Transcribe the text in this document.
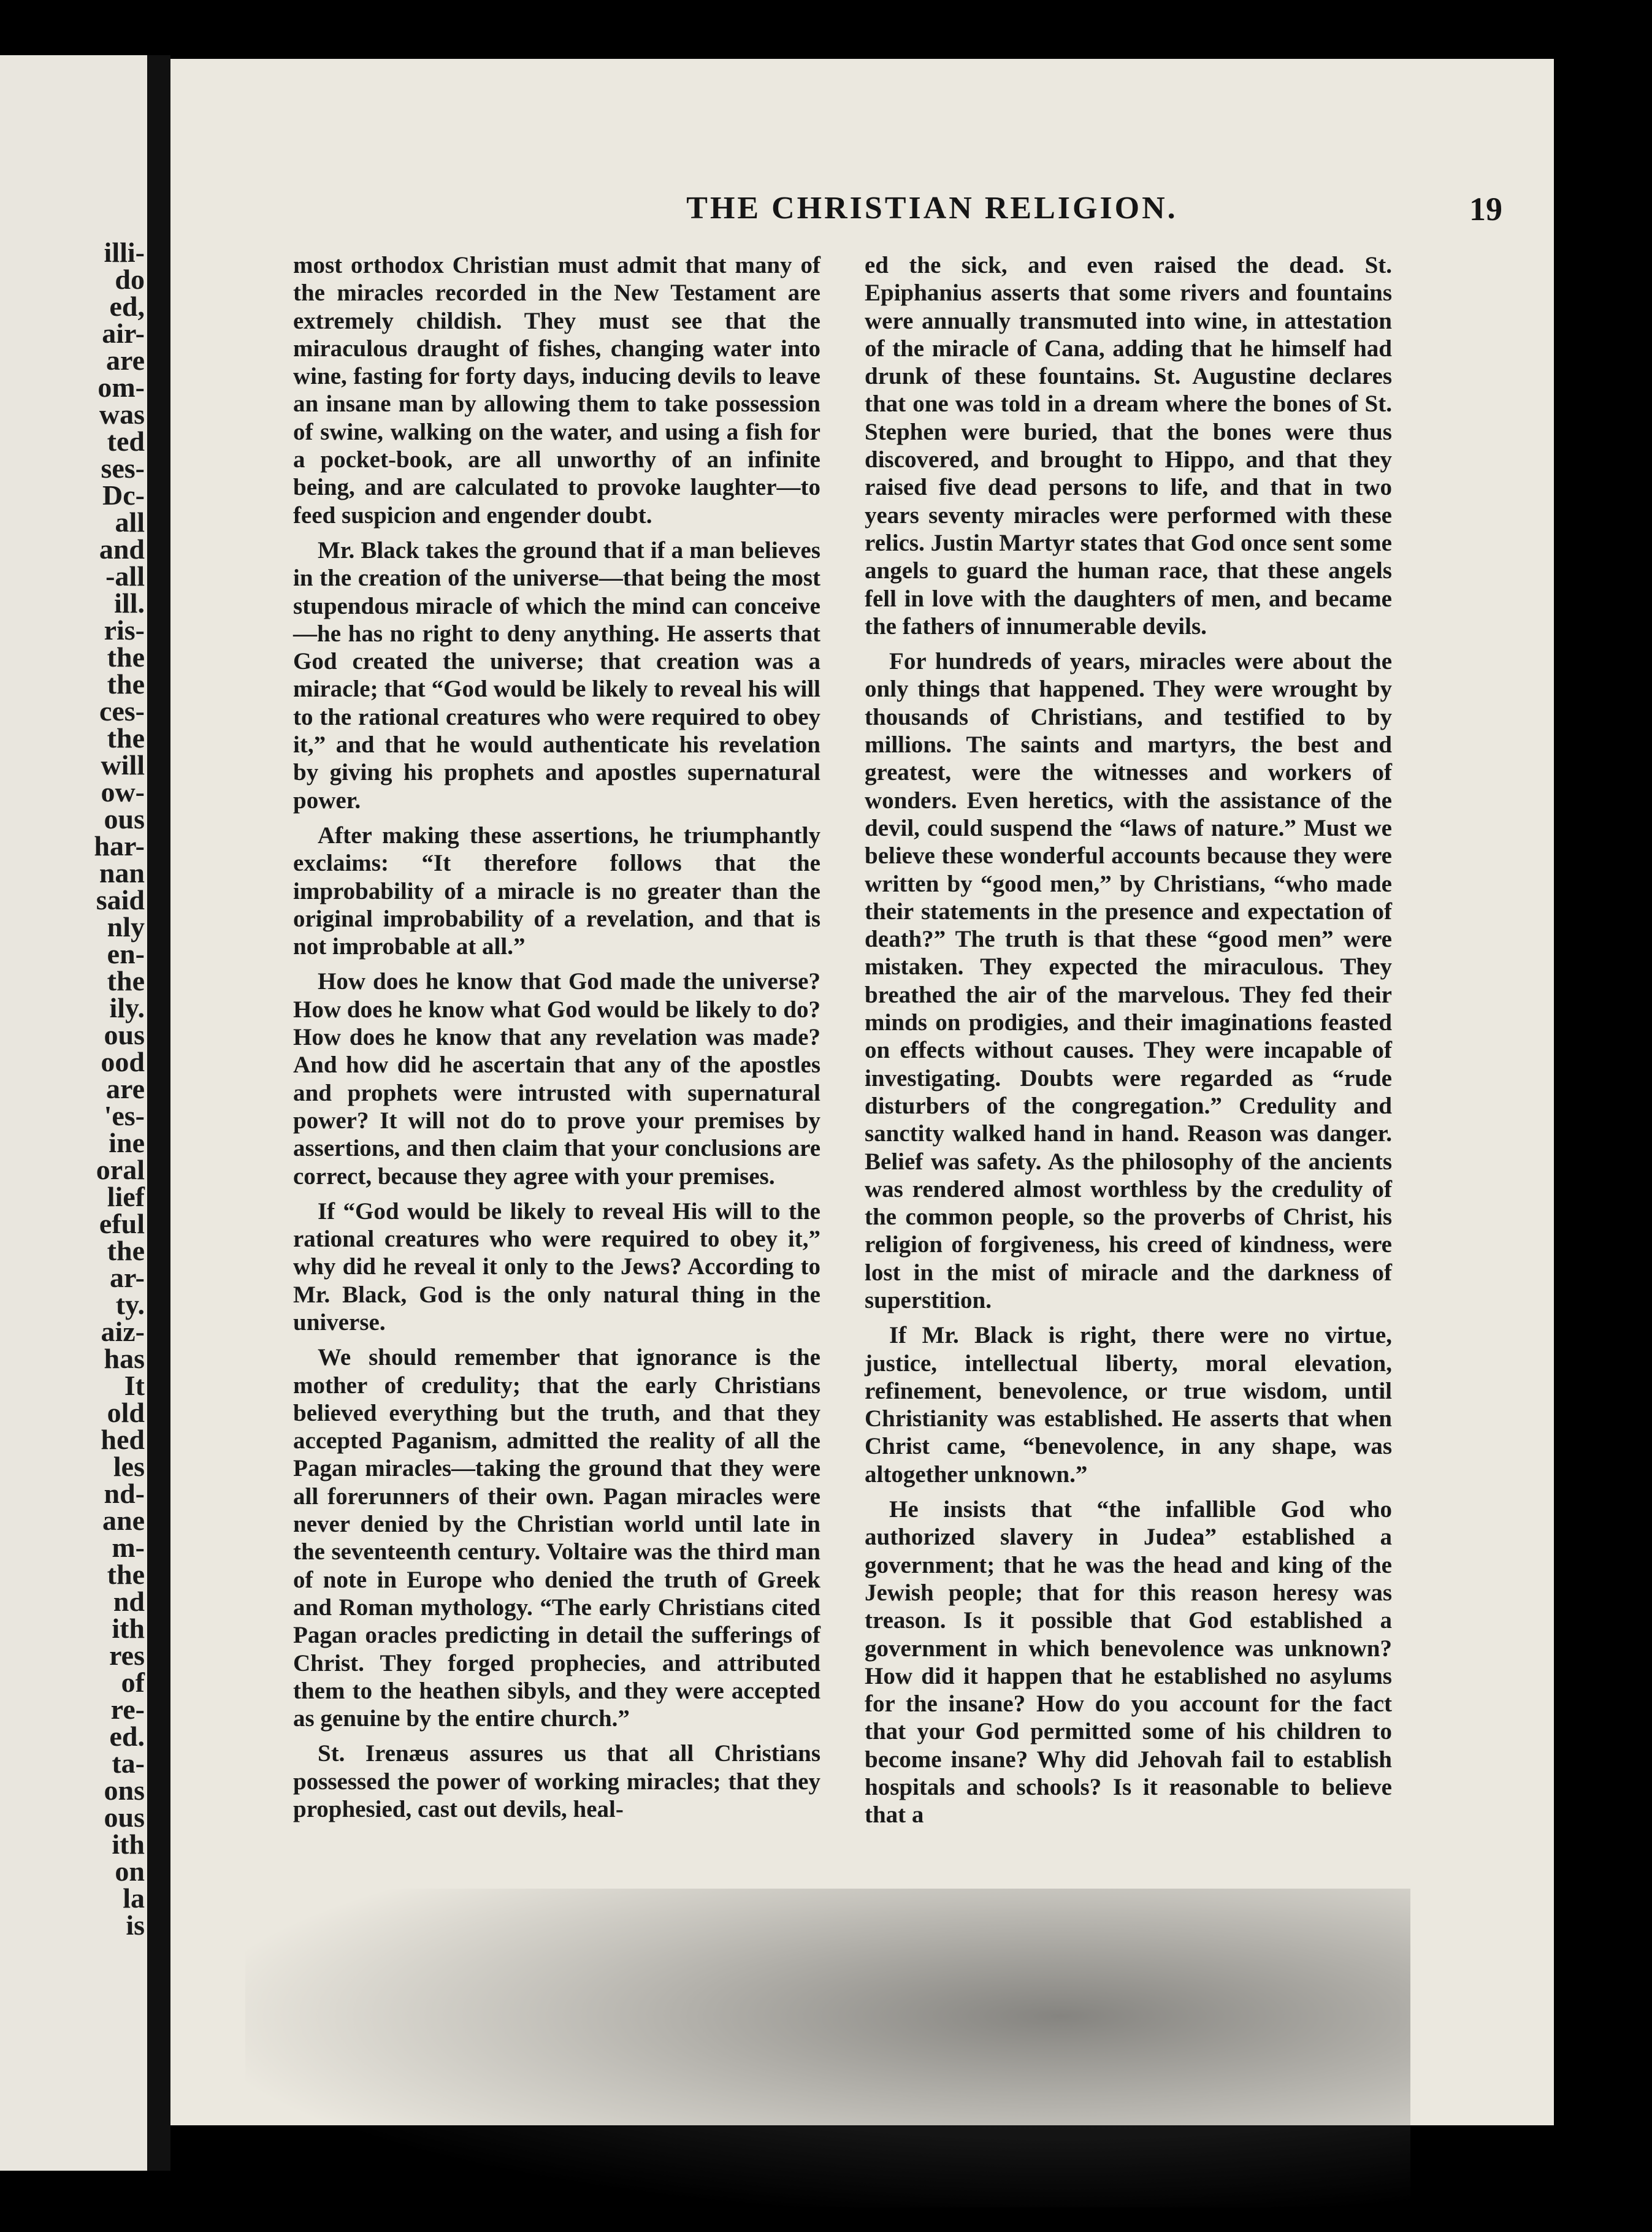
illi-
do
ed,
air-
are
om-
was
ted
ses-
Dc-
all
and
-all
ill.
ris-
the
the
ces-
the
will
ow-
ous
har-
nan
said
nly
en-
the
ily.
ous
ood
are
'es-
ine
oral
lief
eful
the
ar-
ty.
aiz-
has
It
old
hed
les
nd-
ane
m-
the
nd
ith
res
of
re-
ed.
ta-
ons
ous
ith
on
la
is
THE CHRISTIAN RELIGION.	19

most orthodox Christian must admit that many of the miracles recorded in the New Testament are extremely childish. They must see that the miraculous draught of fishes, changing water into wine, fasting for forty days, inducing devils to leave an insane man by allowing them to take possession of swine, walking on the water, and using a fish for a pocket-book, are all unworthy of an infinite being, and are calculated to provoke laughter—to feed suspicion and engender doubt.

Mr. Black takes the ground that if a man believes in the creation of the universe—that being the most stupendous miracle of which the mind can conceive—he has no right to deny anything. He asserts that God created the universe; that creation was a miracle; that “God would be likely to reveal his will to the rational creatures who were required to obey it,” and that he would authenticate his revelation by giving his prophets and apostles supernatural power.

After making these assertions, he triumphantly exclaims: “It therefore follows that the improbability of a miracle is no greater than the original improbability of a revelation, and that is not improbable at all.”

How does he know that God made the universe? How does he know what God would be likely to do? How does he know that any revelation was made? And how did he ascertain that any of the apostles and prophets were intrusted with supernatural power? It will not do to prove your premises by assertions, and then claim that your conclusions are correct, because they agree with your premises.

If “God would be likely to reveal His will to the rational creatures who were required to obey it,” why did he reveal it only to the Jews? According to Mr. Black, God is the only natural thing in the universe.

We should remember that ignorance is the mother of credulity; that the early Christians believed everything but the truth, and that they accepted Paganism, admitted the reality of all the Pagan miracles—taking the ground that they were all forerunners of their own. Pagan miracles were never denied by the Christian world until late in the seventeenth century. Voltaire was the third man of note in Europe who denied the truth of Greek and Roman mythology. “The early Christians cited Pagan oracles predicting in detail the sufferings of Christ. They forged prophecies, and attributed them to the heathen sibyls, and they were accepted as genuine by the entire church.”

St. Irenæus assures us that all Christians possessed the power of working miracles; that they prophesied, cast out devils, heal-

ed the sick, and even raised the dead. St. Epiphanius asserts that some rivers and fountains were annually transmuted into wine, in attestation of the miracle of Cana, adding that he himself had drunk of these fountains. St. Augustine declares that one was told in a dream where the bones of St. Stephen were buried, that the bones were thus discovered, and brought to Hippo, and that they raised five dead persons to life, and that in two years seventy miracles were performed with these relics. Justin Martyr states that God once sent some angels to guard the human race, that these angels fell in love with the daughters of men, and became the fathers of innumerable devils.

For hundreds of years, miracles were about the only things that happened. They were wrought by thousands of Christians, and testified to by millions. The saints and martyrs, the best and greatest, were the witnesses and workers of wonders. Even heretics, with the assistance of the devil, could suspend the “laws of nature.” Must we believe these wonderful accounts because they were written by “good men,” by Christians, “who made their statements in the presence and expectation of death?” The truth is that these “good men” were mistaken. They expected the miraculous. They breathed the air of the marvelous. They fed their minds on prodigies, and their imaginations feasted on effects without causes. They were incapable of investigating. Doubts were regarded as “rude disturbers of the congregation.” Credulity and sanctity walked hand in hand. Reason was danger. Belief was safety. As the philosophy of the ancients was rendered almost worthless by the credulity of the common people, so the proverbs of Christ, his religion of forgiveness, his creed of kindness, were lost in the mist of miracle and the darkness of superstition.

If Mr. Black is right, there were no virtue, justice, intellectual liberty, moral elevation, refinement, benevolence, or true wisdom, until Christianity was established. He asserts that when Christ came, “benevolence, in any shape, was altogether unknown.”

He insists that “the infallible God who authorized slavery in Judea” established a government; that he was the head and king of the Jewish people; that for this reason heresy was treason. Is it possible that God established a government in which benevolence was unknown? How did it happen that he established no asylums for the insane? How do you account for the fact that your God permitted some of his children to become insane? Why did Jehovah fail to establish hospitals and schools? Is it reasonable to believe that a
